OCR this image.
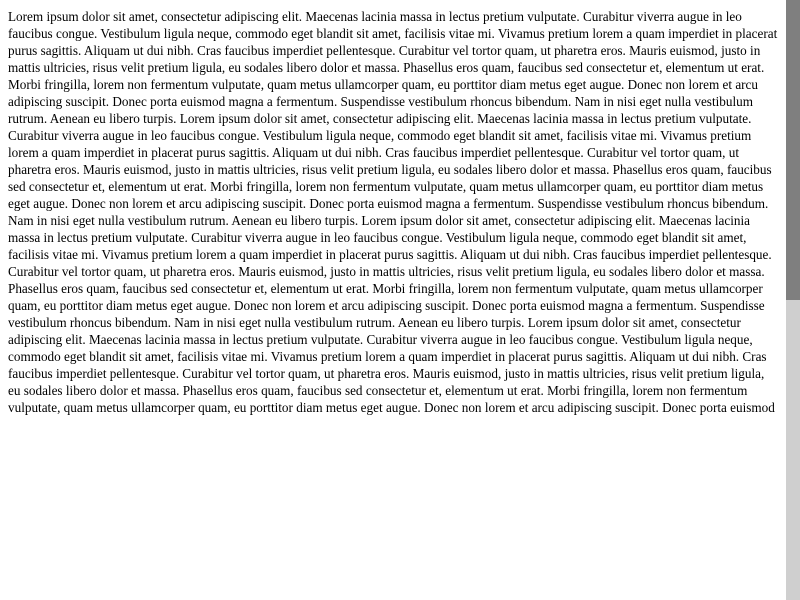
Lorem ipsum dolor sit amet, consectetur adipiscing elit. Maecenas lacinia massa in lectus pretium vulputate. Curabitur viverra augue in leo faucibus congue. Vestibulum ligula neque, commodo eget blandit sit amet, facilisis vitae mi. Vivamus pretium lorem a quam imperdiet in placerat purus sagittis. Aliquam ut dui nibh. Cras faucibus imperdiet pellentesque. Curabitur vel tortor quam, ut pharetra eros. Mauris euismod, justo in mattis ultricies, risus velit pretium ligula, eu sodales libero dolor et massa. Phasellus eros quam, faucibus sed consectetur et, elementum ut erat. Morbi fringilla, lorem non fermentum vulputate, quam metus ullamcorper quam, eu porttitor diam metus eget augue. Donec non lorem et arcu adipiscing suscipit. Donec porta euismod magna a fermentum. Suspendisse vestibulum rhoncus bibendum. Nam in nisi eget nulla vestibulum rutrum. Aenean eu libero turpis. Lorem ipsum dolor sit amet, consectetur adipiscing elit. Maecenas lacinia massa in lectus pretium vulputate. Curabitur viverra augue in leo faucibus congue. Vestibulum ligula neque, commodo eget blandit sit amet, facilisis vitae mi. Vivamus pretium lorem a quam imperdiet in placerat purus sagittis. Aliquam ut dui nibh. Cras faucibus imperdiet pellentesque. Curabitur vel tortor quam, ut pharetra eros. Mauris euismod, justo in mattis ultricies, risus velit pretium ligula, eu sodales libero dolor et massa. Phasellus eros quam, faucibus sed consectetur et, elementum ut erat. Morbi fringilla, lorem non fermentum vulputate, quam metus ullamcorper quam, eu porttitor diam metus eget augue. Donec non lorem et arcu adipiscing suscipit. Donec porta euismod magna a fermentum. Suspendisse vestibulum rhoncus bibendum. Nam in nisi eget nulla vestibulum rutrum. Aenean eu libero turpis. Lorem ipsum dolor sit amet, consectetur adipiscing elit. Maecenas lacinia massa in lectus pretium vulputate. Curabitur viverra augue in leo faucibus congue. Vestibulum ligula neque, commodo eget blandit sit amet, facilisis vitae mi. Vivamus pretium lorem a quam imperdiet in placerat purus sagittis. Aliquam ut dui nibh. Cras faucibus imperdiet pellentesque. Curabitur vel tortor quam, ut pharetra eros. Mauris euismod, justo in mattis ultricies, risus velit pretium ligula, eu sodales libero dolor et massa. Phasellus eros quam, faucibus sed consectetur et, elementum ut erat. Morbi fringilla, lorem non fermentum vulputate, quam metus ullamcorper quam, eu porttitor diam metus eget augue. Donec non lorem et arcu adipiscing suscipit. Donec porta euismod magna a fermentum. Suspendisse vestibulum rhoncus bibendum. Nam in nisi eget nulla vestibulum rutrum. Aenean eu libero turpis. Lorem ipsum dolor sit amet, consectetur adipiscing elit. Maecenas lacinia massa in lectus pretium vulputate. Curabitur viverra augue in leo faucibus congue. Vestibulum ligula neque, commodo eget blandit sit amet, facilisis vitae mi. Vivamus pretium lorem a quam imperdiet in placerat purus sagittis. Aliquam ut dui nibh. Cras faucibus imperdiet pellentesque. Curabitur vel tortor quam, ut pharetra eros. Mauris euismod, justo in mattis ultricies, risus velit pretium ligula, eu sodales libero dolor et massa. Phasellus eros quam, faucibus sed consectetur et, elementum ut erat. Morbi fringilla, lorem non fermentum vulputate, quam metus ullamcorper quam, eu porttitor diam metus eget augue. Donec non lorem et arcu adipiscing suscipit. Donec porta euismod
